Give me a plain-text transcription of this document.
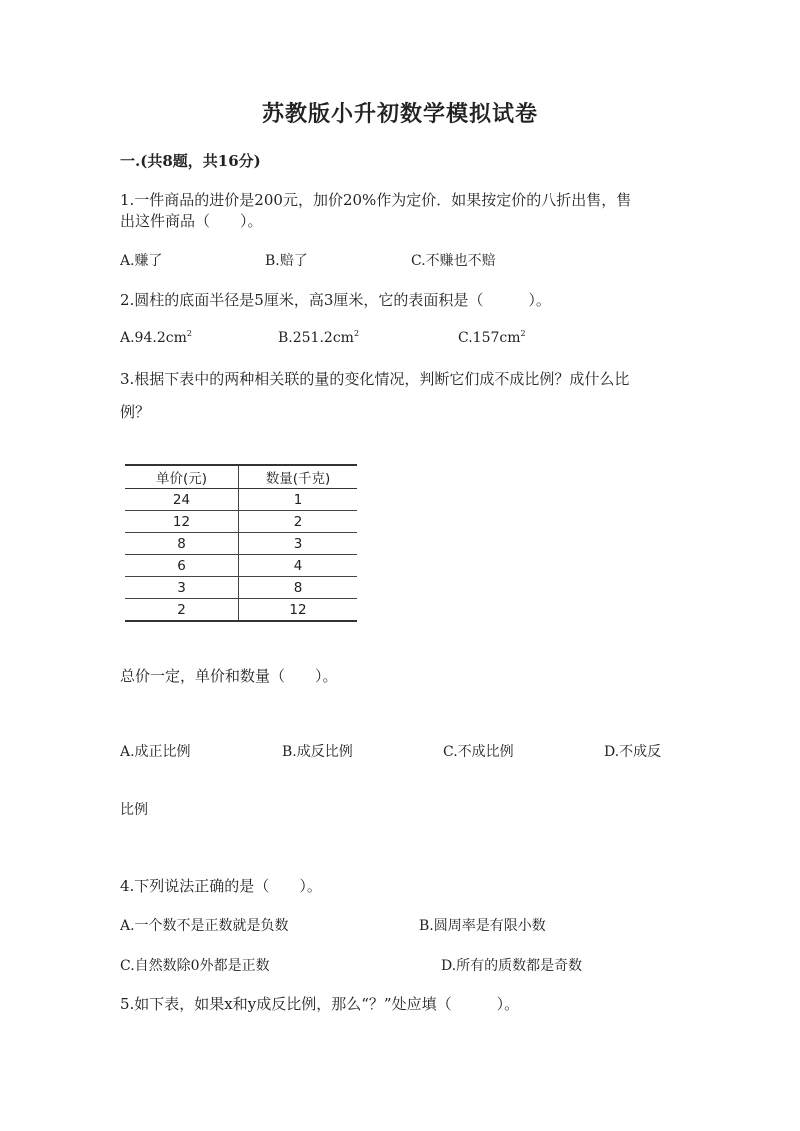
苏教版小升初数学模拟试卷
一.(共8题，共16分)
1.一件商品的进价是200元，加价20%作为定价．如果按定价的八折出售，售
出这件商品（　　）。
A.赚了	B.赔了	C.不赚也不赔
2.圆柱的底面半径是5厘米，高3厘米，它的表面积是（　　　）。
$A.94.2cm^2$	$B.251.2cm^2$	$C.157cm^2$
3.根据下表中的两种相关联的量的变化情况，判断它们成不成比例？成什么比
例？
单价(元)	数量(千克)
24	1
12	2
8	3
6	4
3	8
2	12
总价一定，单价和数量（　　）。
A.成正比例	B.成反比例	C.不成比例	D.不成反
比例
4.下列说法正确的是（　　）。
A.一个数不是正数就是负数	B.圆周率是有限小数
C.自然数除0外都是正数	D.所有的质数都是奇数
5.如下表，如果x和y成反比例，那么“？”处应填（　　　）。
